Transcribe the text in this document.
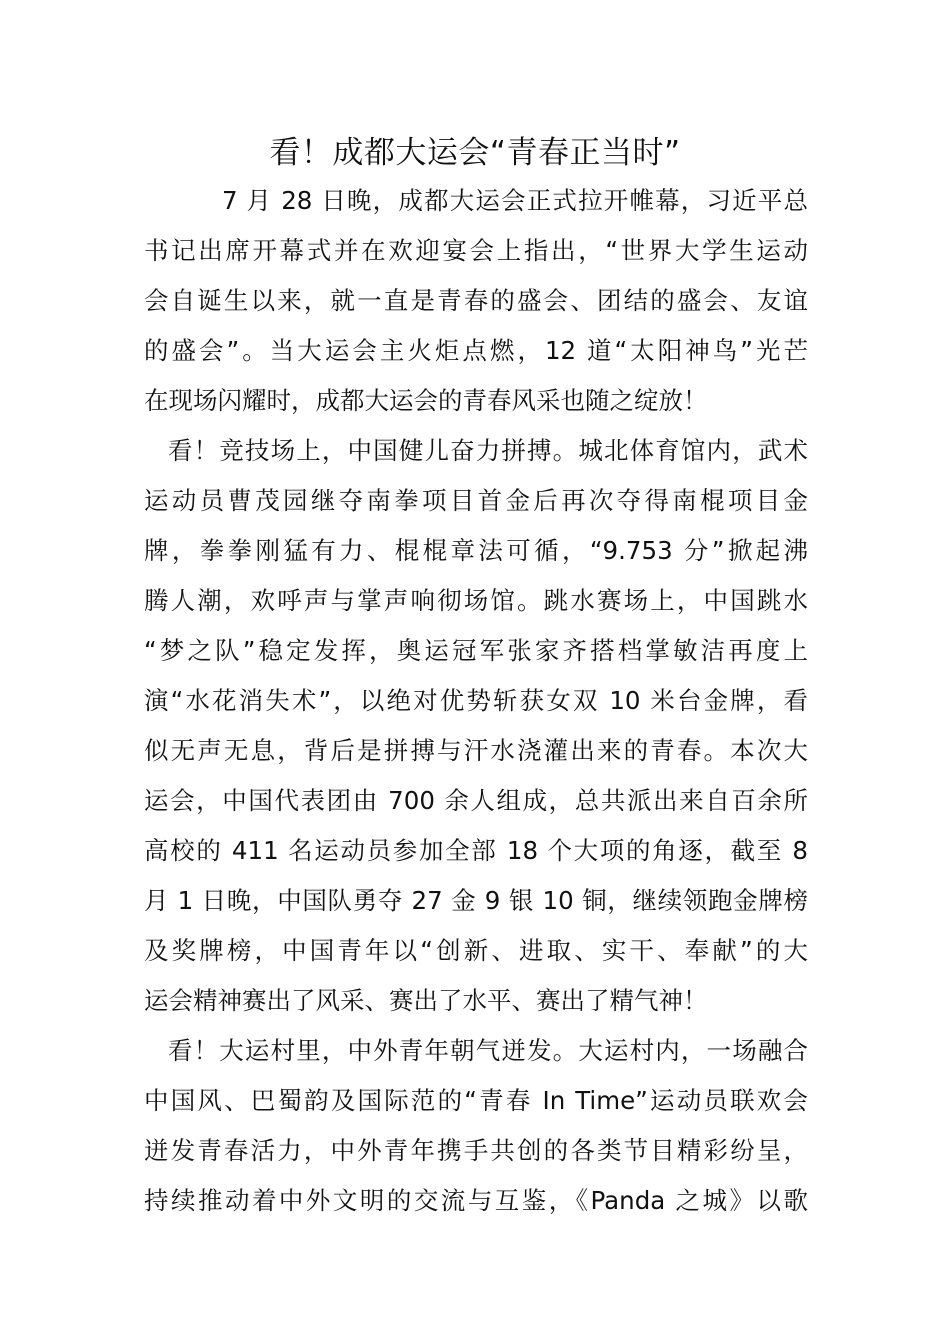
看！成都大运会“青春正当时”
7 月 28 日晚，成都大运会正式拉开帷幕，习近平总
书记出席开幕式并在欢迎宴会上指出，“世界大学生运动
会自诞生以来，就一直是青春的盛会、团结的盛会、友谊
的盛会”。当大运会主火炬点燃，12 道“太阳神鸟”光芒
在现场闪耀时，成都大运会的青春风采也随之绽放！
看！竞技场上，中国健儿奋力拼搏。城北体育馆内，武术
运动员曹茂园继夺南拳项目首金后再次夺得南棍项目金
牌，拳拳刚猛有力、棍棍章法可循，“9.753 分”掀起沸
腾人潮，欢呼声与掌声响彻场馆。跳水赛场上，中国跳水
“梦之队”稳定发挥，奥运冠军张家齐搭档掌敏洁再度上
演“水花消失术”，以绝对优势斩获女双 10 米台金牌，看
似无声无息，背后是拼搏与汗水浇灌出来的青春。本次大
运会，中国代表团由 700 余人组成，总共派出来自百余所
高校的 411 名运动员参加全部 18 个大项的角逐，截至 8
月 1 日晚，中国队勇夺 27 金 9 银 10 铜，继续领跑金牌榜
及奖牌榜，中国青年以“创新、进取、实干、奉献”的大
运会精神赛出了风采、赛出了水平、赛出了精气神！
看！大运村里，中外青年朝气迸发。大运村内，一场融合
中国风、巴蜀韵及国际范的“青春 In Time”运动员联欢会
迸发青春活力，中外青年携手共创的各类节目精彩纷呈，
持续推动着中外文明的交流与互鉴，《Panda 之城》以歌
